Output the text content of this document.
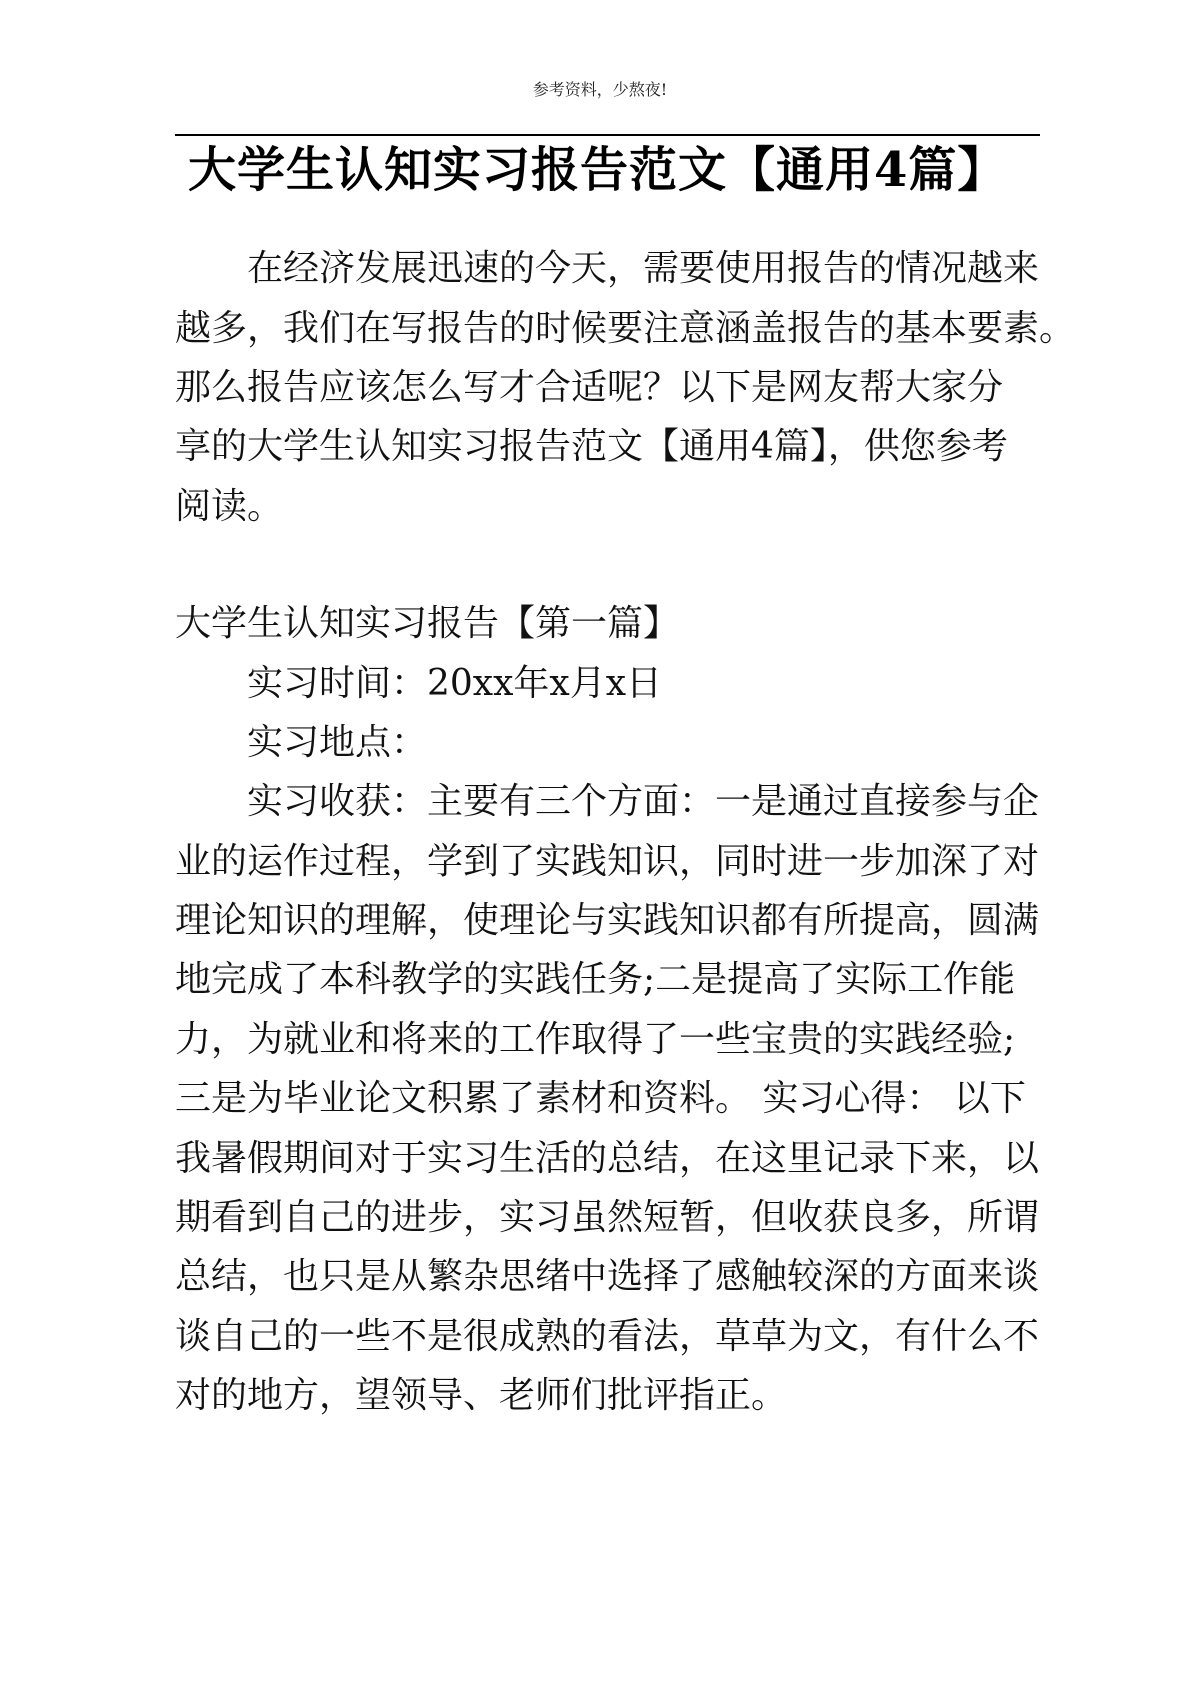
参考资料，少熬夜!
大学生认知实习报告范文【通用4篇】

在经济发展迅速的今天，需要使用报告的情况越来

越多，我们在写报告的时候要注意涵盖报告的基本要素。

那么报告应该怎么写才合适呢？以下是网友帮大家分

享的大学生认知实习报告范文【通用4篇】，供您参考

阅读。

大学生认知实习报告【第一篇】

实习时间：20xx年x月x日

实习地点：

实习收获：主要有三个方面：一是通过直接参与企

业的运作过程，学到了实践知识，同时进一步加深了对

理论知识的理解，使理论与实践知识都有所提高，圆满

地完成了本科教学的实践任务;二是提高了实际工作能

力，为就业和将来的工作取得了一些宝贵的实践经验;

三是为毕业论文积累了素材和资料。 实习心得： 以下

我暑假期间对于实习生活的总结，在这里记录下来，以

期看到自己的进步，实习虽然短暂，但收获良多，所谓

总结，也只是从繁杂思绪中选择了感触较深的方面来谈

谈自己的一些不是很成熟的看法，草草为文，有什么不

对的地方，望领导、老师们批评指正。
